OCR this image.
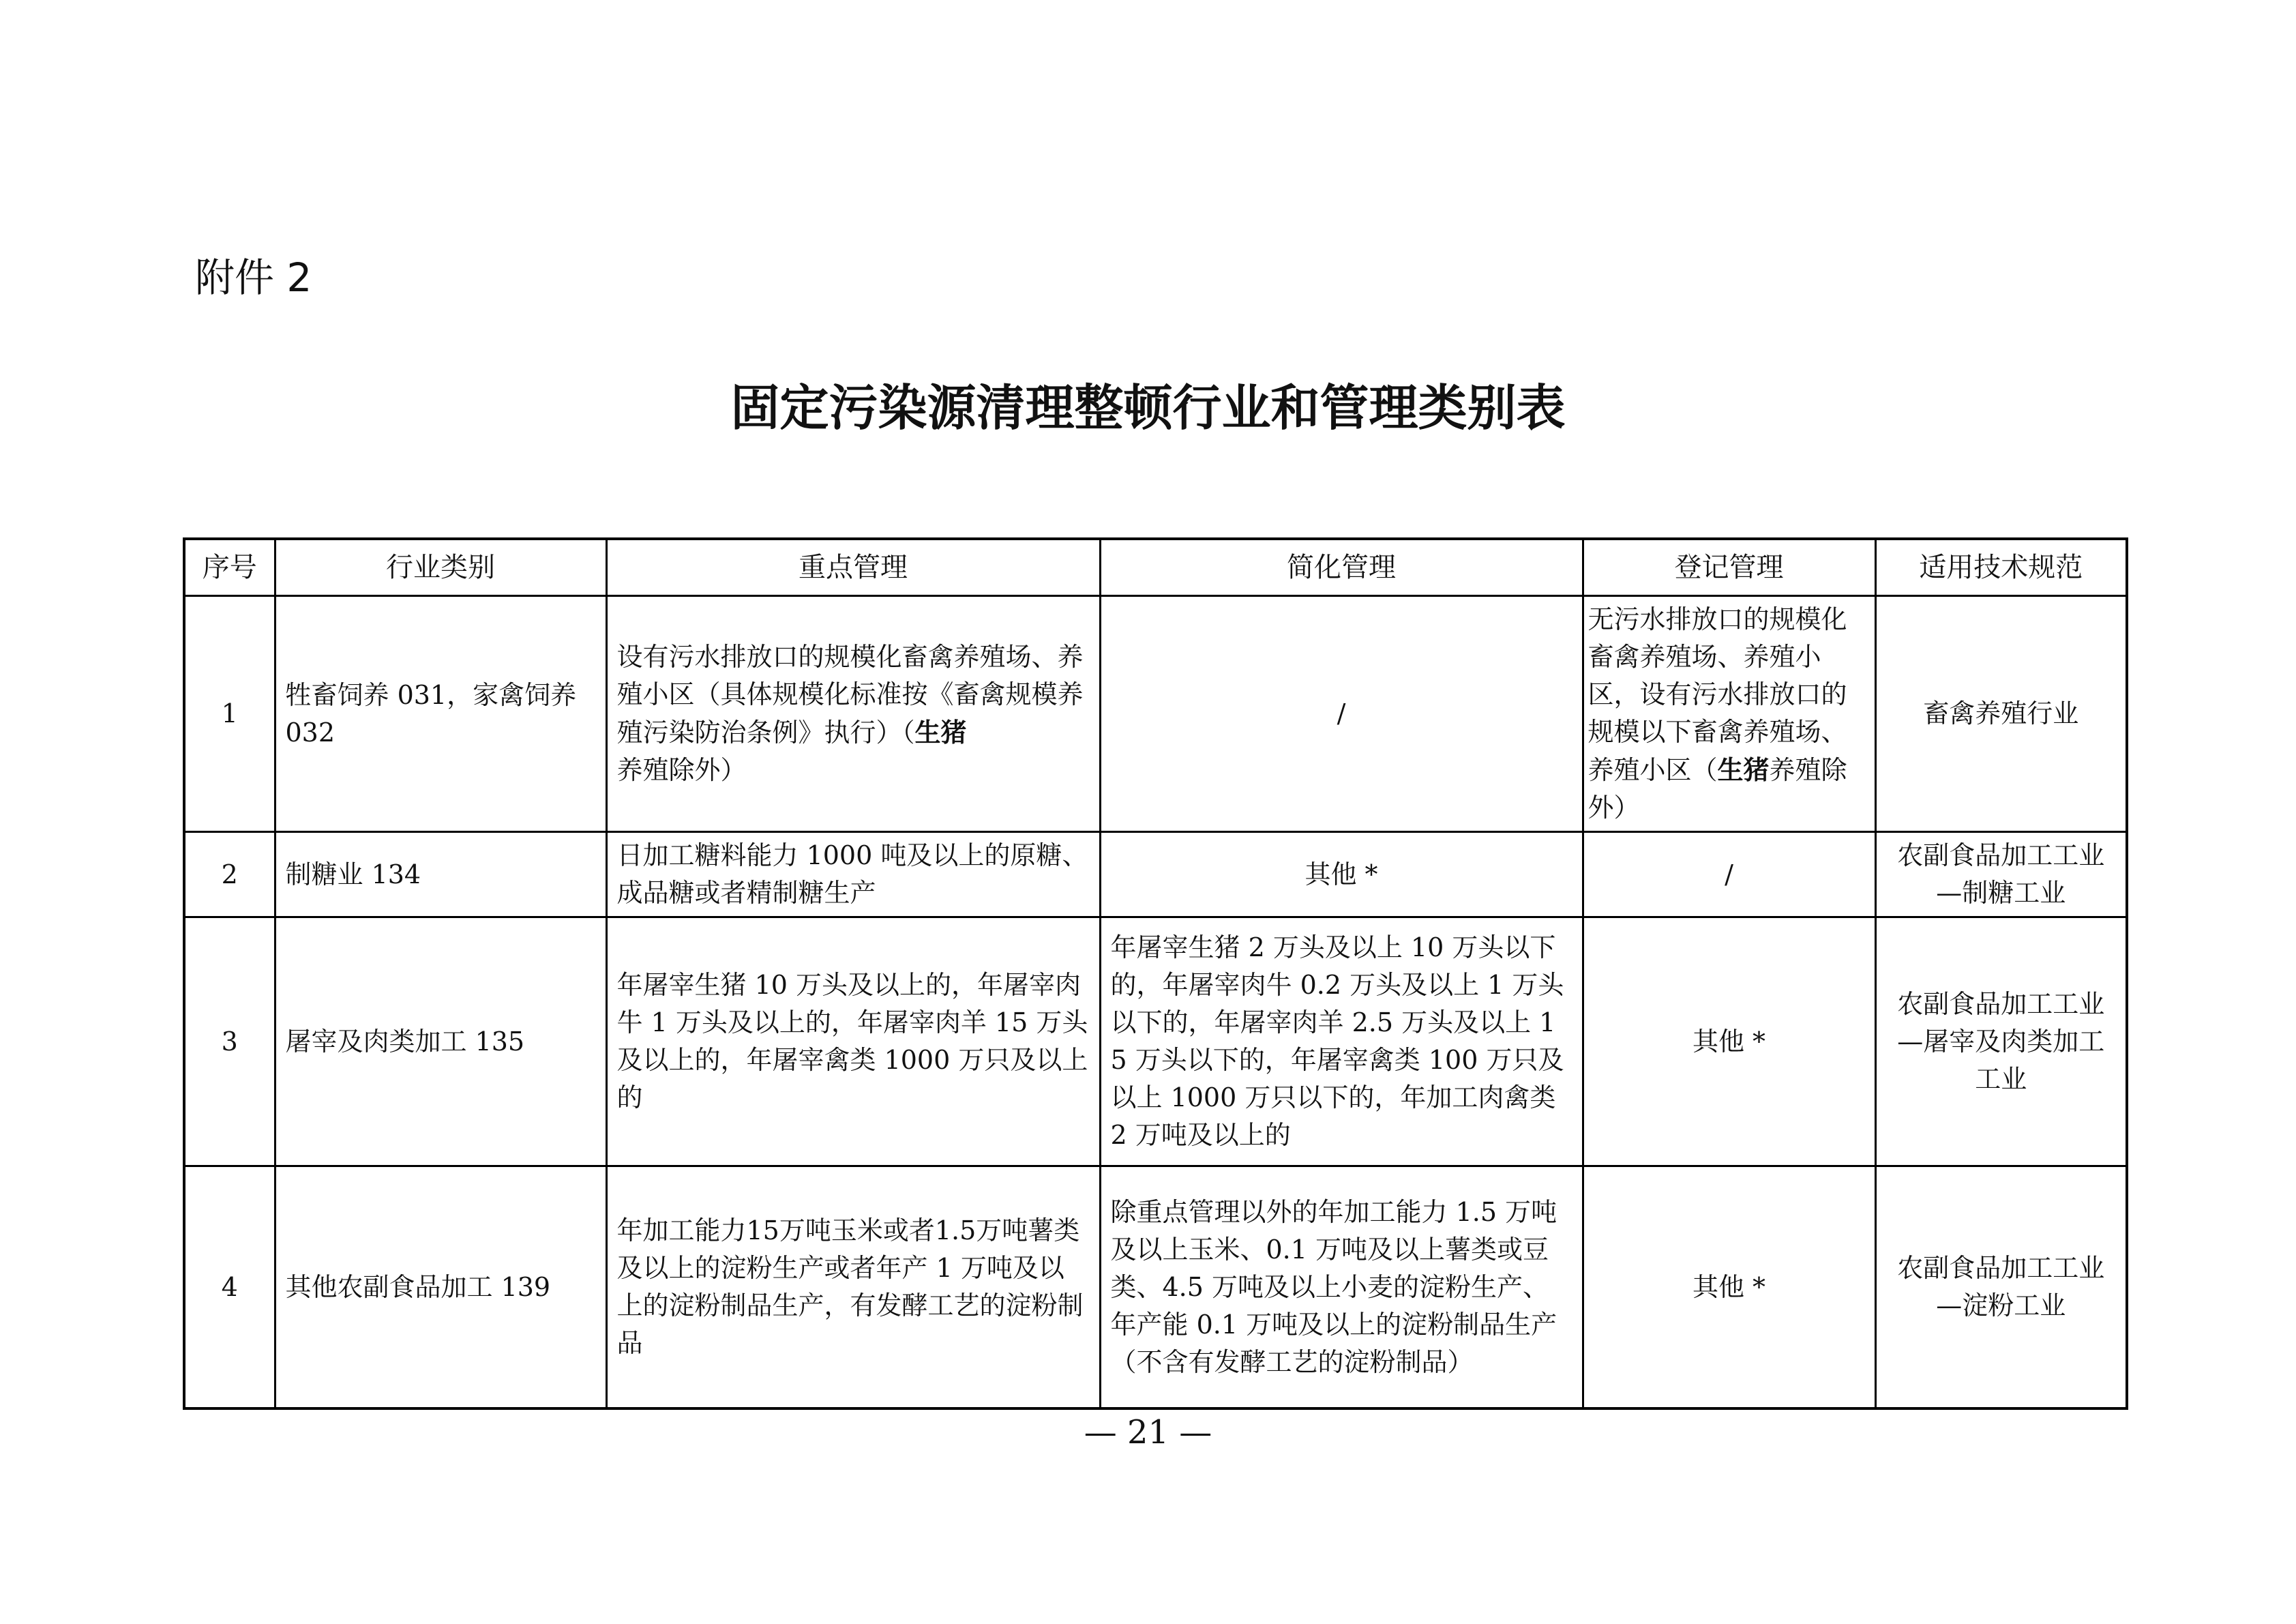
附件 2

固定污染源清理整顿行业和管理类别表
序号	行业类别	重点管理	简化管理	登记管理	适用技术规范
1	牲畜饲养 031，家禽饲养 032	设有污水排放口的规模化畜禽养殖场、养殖小区（具体规模化标准按《畜禽规模养殖污染防治条例》执行）（生猪养殖除外）	/	无污水排放口的规模化畜禽养殖场、养殖小区，设有污水排放口的规模以下畜禽养殖场、养殖小区（生猪养殖除外）	畜禽养殖行业
2	制糖业 134	日加工糖料能力 1000 吨及以上的原糖、成品糖或者精制糖生产	其他 *	/	农副食品加工工业
—制糖工业

3	屠宰及肉类加工 135	年屠宰生猪 10 万头及以上的，年屠宰肉牛 1 万头及以上的，年屠宰肉羊 15 万头及以上的，年屠宰禽类 1000 万只及以上的	年屠宰生猪 2 万头及以上 10 万头以下的，年屠宰肉牛 0.2 万头及以上 1 万头以下的，年屠宰肉羊 2.5 万头及以上 15 万头以下的，年屠宰禽类 100 万只及以上 1000 万只以下的，年加工肉禽类 2 万吨及以上的	其他 *	农副食品加工工业
—屠宰及肉类加工工业

4	其他农副食品加工 139	年加工能力15万吨玉米或者1.5万吨薯类及以上的淀粉生产或者年产 1 万吨及以上的淀粉制品生产，有发酵工艺的淀粉制品	除重点管理以外的年加工能力 1.5 万吨及以上玉米、0.1 万吨及以上薯类或豆类、4.5 万吨及以上小麦的淀粉生产、年产能 0.1 万吨及以上的淀粉制品生产（不含有发酵工艺的淀粉制品）	其他 *	农副食品加工工业
—淀粉工业

— 21 —
